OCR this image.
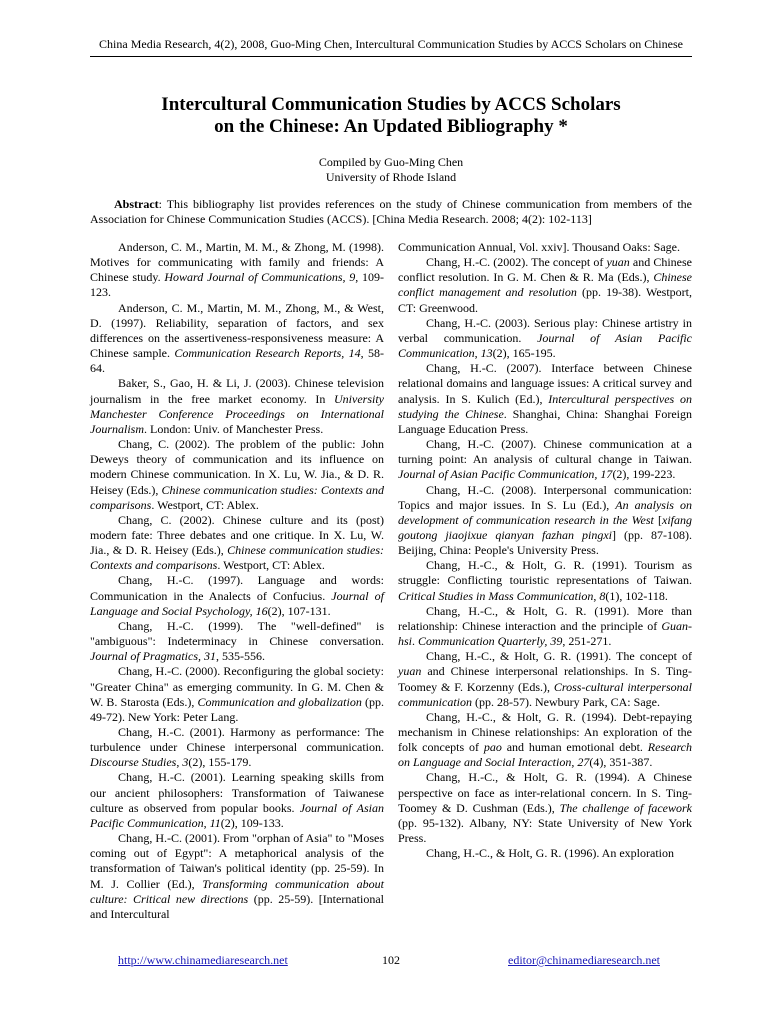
China Media Research, 4(2), 2008, Guo-Ming Chen, Intercultural Communication Studies by ACCS Scholars on Chinese
Intercultural Communication Studies by ACCS Scholars
on the Chinese: An Updated Bibliography *
Compiled by Guo-Ming Chen
University of Rhode Island

Abstract: This bibliography list provides references on the study of Chinese communication from members of the Association for Chinese Communication Studies (ACCS). [China Media Research. 2008; 4(2): 102-113]

Anderson, C. M., Martin, M. M., & Zhong, M. (1998). Motives for communicating with family and friends: A Chinese study. Howard Journal of Communications, 9, 109-123.

Anderson, C. M., Martin, M. M., Zhong, M., & West, D. (1997). Reliability, separation of factors, and sex differences on the assertiveness-responsiveness measure: A Chinese sample. Communication Research Reports, 14, 58-64.

Baker, S., Gao, H. & Li, J. (2003). Chinese television journalism in the free market economy. In University Manchester Conference Proceedings on International Journalism. London: Univ. of Manchester Press.

Chang, C. (2002). The problem of the public: John Deweys theory of communication and its influence on modern Chinese communication. In X. Lu, W. Jia., & D. R. Heisey (Eds.), Chinese communication studies: Contexts and comparisons. Westport, CT: Ablex.

Chang, C. (2002). Chinese culture and its (post) modern fate: Three debates and one critique. In X. Lu, W. Jia., & D. R. Heisey (Eds.), Chinese communication studies: Contexts and comparisons. Westport, CT: Ablex.

Chang, H.-C. (1997). Language and words: Communication in the Analects of Confucius. Journal of Language and Social Psychology, 16(2), 107-131.

Chang, H.-C. (1999). The "well-defined" is "ambiguous": Indeterminacy in Chinese conversation. Journal of Pragmatics, 31, 535-556.

Chang, H.-C. (2000). Reconfiguring the global society: "Greater China" as emerging community. In G. M. Chen & W. B. Starosta (Eds.), Communication and globalization (pp. 49-72). New York: Peter Lang.

Chang, H.-C. (2001). Harmony as performance: The turbulence under Chinese interpersonal communication. Discourse Studies, 3(2), 155-179.

Chang, H.-C. (2001). Learning speaking skills from our ancient philosophers: Transformation of Taiwanese culture as observed from popular books. Journal of Asian Pacific Communication, 11(2), 109-133.

Chang, H.-C. (2001). From "orphan of Asia" to "Moses coming out of Egypt": A metaphorical analysis of the transformation of Taiwan's political identity (pp. 25-59). In M. J. Collier (Ed.), Transforming communication about culture: Critical new directions (pp. 25-59). [International and Intercultural

Communication Annual, Vol. xxiv]. Thousand Oaks: Sage.

Chang, H.-C. (2002). The concept of yuan and Chinese conflict resolution. In G. M. Chen & R. Ma (Eds.), Chinese conflict management and resolution (pp. 19-38). Westport, CT: Greenwood.

Chang, H.-C. (2003). Serious play: Chinese artistry in verbal communication. Journal of Asian Pacific Communication, 13(2), 165-195.

Chang, H.-C. (2007). Interface between Chinese relational domains and language issues: A critical survey and analysis. In S. Kulich (Ed.), Intercultural perspectives on studying the Chinese. Shanghai, China: Shanghai Foreign Language Education Press.

Chang, H.-C. (2007). Chinese communication at a turning point: An analysis of cultural change in Taiwan. Journal of Asian Pacific Communication, 17(2), 199-223.

Chang, H.-C. (2008). Interpersonal communication: Topics and major issues. In S. Lu (Ed.), An analysis on development of communication research in the West [xifang goutong jiaojixue qianyan fazhan pingxi] (pp. 87-108). Beijing, China: People's University Press.

Chang, H.-C., & Holt, G. R. (1991). Tourism as struggle: Conflicting touristic representations of Taiwan. Critical Studies in Mass Communication, 8(1), 102-118.

Chang, H.-C., & Holt, G. R. (1991). More than relationship: Chinese interaction and the principle of Guan-hsi. Communication Quarterly, 39, 251-271.

Chang, H.-C., & Holt, G. R. (1991). The concept of yuan and Chinese interpersonal relationships. In S. Ting-Toomey & F. Korzenny (Eds.), Cross-cultural interpersonal communication (pp. 28-57). Newbury Park, CA: Sage.

Chang, H.-C., & Holt, G. R. (1994). Debt-repaying mechanism in Chinese relationships: An exploration of the folk concepts of pao and human emotional debt. Research on Language and Social Interaction, 27(4), 351-387.

Chang, H.-C., & Holt, G. R. (1994). A Chinese perspective on face as inter-relational concern. In S. Ting-Toomey & D. Cushman (Eds.), The challenge of facework (pp. 95-132). Albany, NY: State University of New York Press.

Chang, H.-C., & Holt, G. R. (1996). An exploration

http://www.chinamediaresearch.net	102	editor@chinamediaresearch.net
